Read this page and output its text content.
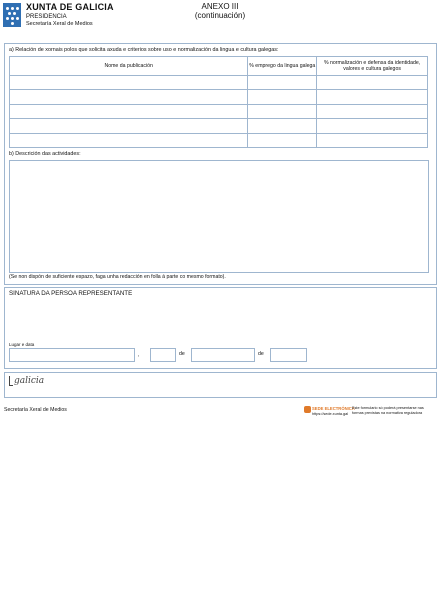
XUNTA DE GALICIA
PRESIDENCIA
Secretaría Xeral de Medios
ANEXO III
(continuación)
a) Relación de xornais polos que solicita axuda e criterios sobre uso e normalización da lingua e cultura galegas:
Nome da publicación	% emprego da lingua galega	% normalización e defensa da identidade, valores e cultura galegos

b) Descrición das actividades:
(Se non dispón de suficiente espazo, faga unha redacción en folla á parte co mesmo formato).
SINATURA DA PERSOA REPRESENTANTE
Lugar e data
,	de	de
galicia
Secretaría Xeral de Medios	SEDE ELECTRÓNICA
https://sede.xunta.gal
Este formulario só poderá presentarse nas formas previstas na normativa reguladora
